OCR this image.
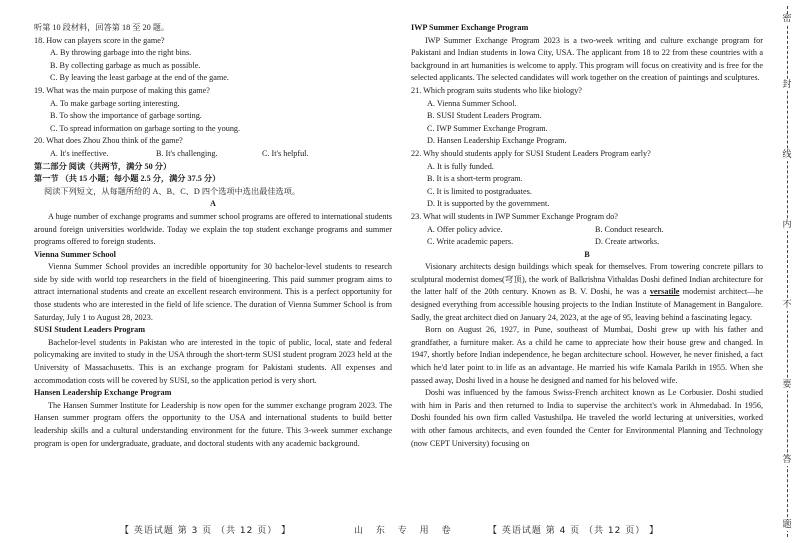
听第 10 段材料，回答第 18 至 20 题。

18. How can players score in the game?

A. By throwing garbage into the right bins.

B. By collecting garbage as much as possible.

C. By leaving the least garbage at the end of the game.

19. What was the main purpose of making this game?

A. To make garbage sorting interesting.

B. To show the importance of garbage sorting.

C. To spread information on garbage sorting to the young.

20. What does Zhou Zhou think of the game?

A. It's ineffective.	B. It's challenging.	C. It's helpful.

第二部分 阅读（共两节，满分 50 分）

第一节 （共 15 小题；每小题 2.5 分，满分 37.5 分）

阅读下列短文，从每题所给的 A、B、C、D 四个选项中选出最佳选项。

A

A huge number of exchange programs and summer school programs are offered to international students around foreign universities worldwide. Today we explain the top student exchange programs and summer programs offered to foreign students.

Vienna Summer School

Vienna Summer School provides an incredible opportunity for 30 bachelor-level students to research side by side with world top researchers in the field of bioengineering. This paid summer program aims to attract international students and create an excellent research environment. This is a perfect opportunity for those students who are interested in the field of life science. The duration of Vienna Summer School is from Saturday, July 1 to August 28, 2023.

SUSI Student Leaders Program

Bachelor-level students in Pakistan who are interested in the topic of public, local, state and federal policymaking are invited to study in the USA through the short-term SUSI student program 2023 held at the University of Massachusetts. This is an exchange program for Pakistani students. All expenses and accommodation costs will be covered by SUSI, so the application period is very short.

Hansen Leadership Exchange Program

The Hansen Summer Institute for Leadership is now open for the summer exchange program 2023. The Hansen summer program offers the opportunity to the USA and international students to build better leadership skills and a cultural understanding environment for the future. This 3-week summer exchange program is open for undergraduate, graduate, and doctoral students with any academic background.

IWP Summer Exchange Program

IWP Summer Exchange Program 2023 is a two-week writing and culture exchange program for Pakistani and Indian students in Iowa City, USA. The applicant from 18 to 22 from these countries with a background in art humanities is welcome to apply. This program will focus on creativity and is free for the selected applicants. The selected candidates will work together on the creation of paintings and sculptures.

21. Which program suits students who like biology?

A. Vienna Summer School.

B. SUSI Student Leaders Program.

C. IWP Summer Exchange Program.

D. Hansen Leadership Exchange Program.

22. Why should students apply for SUSI Student Leaders Program early?

A. It is fully funded.

B. It is a short-term program.

C. It is limited to postgraduates.

D. It is supported by the government.

23. What will students in IWP Summer Exchange Program do?

A. Offer policy advice.	B. Conduct research.

C. Write academic papers.	D. Create artworks.

B

Visionary architects design buildings which speak for themselves. From towering concrete pillars to sculptural modernist domes(穹顶), the work of Balkrishna Vithaldas Doshi defined Indian architecture for the latter half of the 20th century. Known as B. V. Doshi, he was a versatile modernist architect—he designed everything from accessible housing projects to the Indian Institute of Management in Bangalore. Sadly, the great architect died on January 24, 2023, at the age of 95, leaving behind a fascinating legacy.

Born on August 26, 1927, in Pune, southeast of Mumbai, Doshi grew up with his father and grandfather, a furniture maker. As a child he came to appreciate how their house grew and changed. In 1947, shortly before Indian independence, he began architecture school. However, he never finished, a fact which he'd later point to in life as an advantage. He married his wife Kamala Parikh in 1955. When she passed away, Doshi lived in a house he designed and named for his beloved wife.

Doshi was influenced by the famous Swiss-French architect known as Le Corbusier. Doshi studied with him in Paris and then returned to India to supervise the architect's work in Ahmedabad. In 1956, Doshi founded his own firm called Vastushilpa. He traveled the world lecturing at universities, worked with other famous architects, and even founded the Center for Environmental Planning and Technology (now CEPT University) focusing on

【 英语试题 第 3 页 （共 12 页） 】	山 东 专 用 卷	【 英语试题 第 4 页 （共 12 页） 】
密
封
线
内
不
要
答
题
